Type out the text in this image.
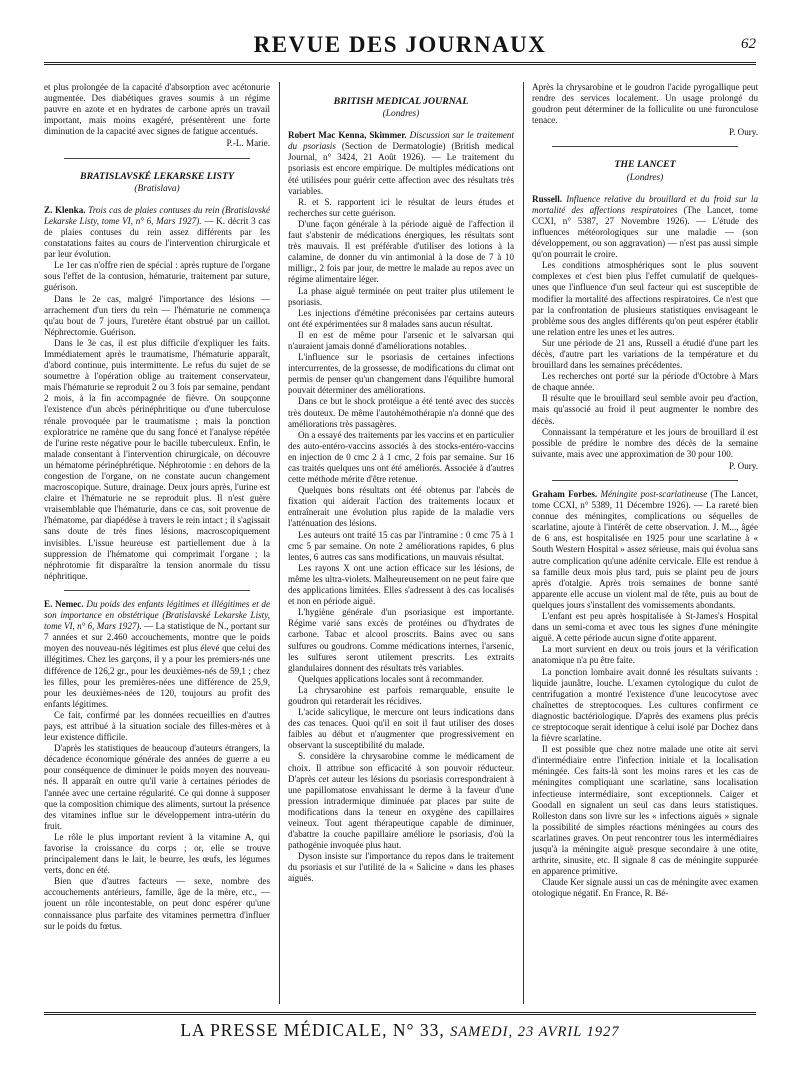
REVUE DES JOURNAUX	62

et plus prolongée de la capacité d'absorption avec acétonurie augmentée. Des diabétiques graves soumis à un régime pauvre en azote et en hydrates de carbone après un travail important, mais moins exagéré, présentèrent une forte diminution de la capacité avec signes de fatigue accentués.

P.-L. Marie.

BRATISLAVSKÉ LEKARSKE LISTY
(Bratislava)

Z. Klenka. Trois cas de plaies contuses du rein (Bratislavské Lekarske Listy, tome VI, n° 6, Mars 1927). — K. décrit 3 cas de plaies contuses du rein assez différents par les constatations faites au cours de l'intervention chirurgicale et par leur évolution.

Le 1er cas n'offre rien de spécial : après rupture de l'organe sous l'effet de la contusion, hématurie, traitement par suture, guérison.

Dans le 2e cas, malgré l'importance des lésions — arrachement d'un tiers du rein — l'hématurie ne commença qu'au bout de 7 jours, l'uretère étant obstrué par un caillot. Néphrectomie. Guérison.

Dans le 3e cas, il est plus difficile d'expliquer les faits. Immédiatement après le traumatisme, l'hématurie apparaît, d'abord continue, puis intermittente. Le refus du sujet de se soumettre à l'opération oblige au traitement conservateur, mais l'hématurie se reproduit 2 ou 3 fois par semaine, pendant 2 mois, à la fin accompagnée de fièvre. On soupçonne l'existence d'un abcès périnéphritique ou d'une tuberculose rénale provoquée par le traumatisme ; mais la ponction exploratrice ne ramène que du sang foncé et l'analyse répétée de l'urine reste négative pour le bacille tuberculeux. Enfin, le malade consentant à l'intervention chirurgicale, on découvre un hématome périnéphrétique. Néphrotomie : en dehors de la congestion de l'organe, on ne constate aucun changement macroscopique. Suture, drainage. Deux jours après, l'urine est claire et l'hématurie ne se reproduit plus. Il n'est guère vraisemblable que l'hématurie, dans ce cas, soit provenue de l'hématome, par diapédèse à travers le rein intact ; il s'agissait sans doute de très fines lésions, macroscopiquement invisibles. L'issue heureuse est partiellement due à la suppression de l'hématome qui comprimait l'organe ; la néphrotomie fit disparaître la tension anormale du tissu néphritique.

E. Nemec. Du poids des enfants légitimes et illégitimes et de son importance en obstétrique (Bratislavské Lekarske Listy, tome VI, n° 6, Mars 1927). — La statistique de N., portant sur 7 années et sur 2.460 accouchements, montre que le poids moyen des nouveau-nés légitimes est plus élevé que celui des illégitimes. Chez les garçons, il y a pour les premiers-nés une différence de 126,2 gr., pour les deuxièmes-nés de 59,1 ; chez les filles, pour les premières-nées une différence de 25,9, pour les deuxièmes-nées de 120, toujours au profit des enfants légitimes.

Ce fait, confirmé par les données recueillies en d'autres pays, est attribué à la situation sociale des filles-mères et à leur existence difficile.

D'après les statistiques de beaucoup d'auteurs étrangers, la décadence économique générale des années de guerre a eu pour conséquence de diminuer le poids moyen des nouveau-nés. Il apparaît en outre qu'il varie à certaines périodes de l'année avec une certaine régularité. Ce qui donne à supposer que la composition chimique des aliments, surtout la présence des vitamines influe sur le développement intra-utérin du fruit.

Le rôle le plus important revient à la vitamine A, qui favorise la croissance du corps ; or, elle se trouve principalement dans le lait, le beurre, les œufs, les légumes verts, donc en été.

Bien que d'autres facteurs — sexe, nombre des accouchements antérieurs, famille, âge de la mère, etc., — jouent un rôle incontestable, on peut donc espérer qu'une connaissance plus parfaite des vitamines permettra d'influer sur le poids du fœtus.

BRITISH MEDICAL JOURNAL
(Londres)

Robert Mac Kenna, Skimmer. Discussion sur le traitement du psoriasis (Section de Dermatologie) (British medical Journal, n° 3424, 21 Août 1926). — Le traitement du psoriasis est encore empirique. De multiples médications ont été utilisées pour guérir cette affection avec des résultats très variables.

R. et S. rapportent ici le résultat de leurs études et recherches sur cette guérison.

D'une façon générale à la période aiguë de l'affection il faut s'abstenir de médications énergiques, les résultats sont très mauvais. Il est préférable d'utiliser des lotions à la calamine, de donner du vin antimonial à la dose de 7 à 10 milligr., 2 fois par jour, de mettre le malade au repos avec un régime alimentaire léger.

La phase aiguë terminée on peut traiter plus utilement le psoriasis.

Les injections d'émétine préconisées par certains auteurs ont été expérimentées sur 8 malades sans aucun résultat.

Il en est de même pour l'arsenic et le salvarsan qui n'auraient jamais donné d'améliorations notables.

L'influence sur le psoriasis de certaines infections intercurrentes, de la grossesse, de modifications du climat ont permis de penser qu'un changement dans l'équilibre humoral pouvait déterminer des améliorations.

Dans ce but le shock protéique a été tenté avec des succès très douteux. De même l'autohémothérapie n'a donné que des améliorations très passagères.

On a essayé des traitements par les vaccins et en particulier des auto-entéro-vaccins associés à des stocks-entéro-vaccins en injection de 0 cmc 2 à 1 cmc, 2 fois par semaine. Sur 16 cas traités quelques uns ont été améliorés. Associée à d'autres cette méthode mérite d'être retenue.

Quelques bons résultats ont été obtenus par l'abcès de fixation qui aiderait l'action des traitements locaux et entraînerait une évolution plus rapide de la maladie vers l'atténuation des lésions.

Les auteurs ont traité 15 cas par l'intramine : 0 cmc 75 à 1 cmc 5 par semaine. On note 2 améliorations rapides, 6 plus lentes, 6 autres cas sans modifications, un mauvais résultat.

Les rayons X ont une action efficace sur les lésions, de même les ultra-violets. Malheureusement on ne peut faire que des applications limitées. Elles s'adressent à des cas localisés et non en période aiguë.

L'hygiène générale d'un psoriasique est importante. Régime varié sans excès de protéines ou d'hydrates de carbone. Tabac et alcool proscrits. Bains avec ou sans sulfures ou goudrons. Comme médications internes, l'arsenic, les sulfures seront utilement prescrits. Les extraits glandulaires donnent des résultats très variables.

Quelques applications locales sont à recommander.

La chrysarobine est parfois remarquable, ensuite le goudron qui retarderait les récidives.

L'acide salicylique, le mercure ont leurs indications dans des cas tenaces. Quoi qu'il en soit il faut utiliser des doses faibles au début et n'augmenter que progressivement en observant la susceptibilité du malade.

S. considère la chrysarobine comme le médicament de choix. Il attribue son efficacité à son pouvoir réducteur. D'après cet auteur les lésions du psoriasis correspondraient à une papillomatose envahissant le derme à la faveur d'une pression intradermique diminuée par places par suite de modifications dans la teneur en oxygène des capillaires veineux. Tout agent thérapeutique capable de diminuer, d'abattre la couche papillaire améliore le psoriasis, d'où la pathogénie invoquée plus haut.

Dyson insiste sur l'importance du repos dans le traitement du psoriasis et sur l'utilité de la « Salicine » dans les phases aiguës.

Après la chrysarobine et le goudron l'acide pyrogallique peut rendre des services localement. Un usage prolongé du goudron peut déterminer de la folliculite ou une furonculose tenace.

P. Oury.

THE LANCET
(Londres)

Russell. Influence relative du brouillard et du froid sur la mortalité des affections respiratoires (The Lancet, tome CCXI, n° 5387, 27 Novembre 1926). — L'étude des influences météorologiques sur une maladie — (son développement, ou son aggravation) — n'est pas aussi simple qu'on pourrait le croire.

Les conditions atmosphériques sont le plus souvent complexes et c'est bien plus l'effet cumulatif de quelques-unes que l'influence d'un seul facteur qui est susceptible de modifier la mortalité des affections respiratoires. Ce n'est que par la confrontation de plusieurs statistiques envisageant le problème sous des angles différents qu'on peut espérer établir une relation entre les unes et les autres.

Sur une période de 21 ans, Russell a étudié d'une part les décès, d'autre part les variations de la température et du brouillard dans les semaines précédentes.

Les recherches ont porté sur la période d'Octobre à Mars de chaque année.

Il résulte que le brouillard seul semble avoir peu d'action, mais qu'associé au froid il peut augmenter le nombre des décès.

Connaissant la température et les jours de brouillard il est possible de prédire le nombre des décès de la semaine suivante, mais avec une approximation de 30 pour 100.

P. Oury.

Graham Forbes. Méningite post-scarlatineuse (The Lancet, tome CCXI, n° 5389, 11 Décembre 1926). — La rareté bien connue des méningites, complications ou séquelles de scarlatine, ajoute à l'intérêt de cette observation. J. M..., âgée de 6 ans, est hospitalisée en 1925 pour une scarlatine à « South Western Hospital » assez sérieuse, mais qui évolua sans autre complication qu'une adénite cervicale. Elle est rendue à sa famille deux mois plus tard, puis se plaint peu de jours après d'otalgie. Après trois semaines de bonne santé apparente elle accuse un violent mal de tête, puis au bout de quelques jours s'installent des vomissements abondants.

L'enfant est peu après hospitalisée à St-James's Hospital dans un semi-coma et avec tous les signes d'une méningite aiguë. A cette période aucun signe d'otite apparent.

La mort survient en deux ou trois jours et la vérification anatomique n'a pu être faite.

La ponction lombaire avait donné les résultats suivants : liquide jaunâtre, louche. L'examen cytologique du culot de centrifugation a montré l'existence d'une leucocytose avec chaînettes de streptocoques. Les cultures confirment ce diagnostic bactériologique. D'après des examens plus précis ce streptocoque serait identique à celui isolé par Dochez dans la fièvre scarlatine.

Il est possible que chez notre malade une otite ait servi d'intermédiaire entre l'infection initiale et la localisation méningée. Ces faits-là sont les moins rares et les cas de méningites compliquant une scarlatine, sans localisation infectieuse intermédiaire, sont exceptionnels. Caiger et Goodall en signalent un seul cas dans leurs statistiques. Rolleston dans son livre sur les « infections aiguës » signale la possibilité de simples réactions méningées au cours des scarlatines graves. On peut rencontrer tous les intermédiaires jusqu'à la méningite aiguë presque secondaire à une otite, arthrite, sinusite, etc. Il signale 8 cas de méningite suppurée en apparence primitive.

Claude Ker signale aussi un cas de méningite avec examen otologique négatif. En France, R. Bé-

LA PRESSE MÉDICALE, N° 33, SAMEDI, 23 AVRIL 1927
